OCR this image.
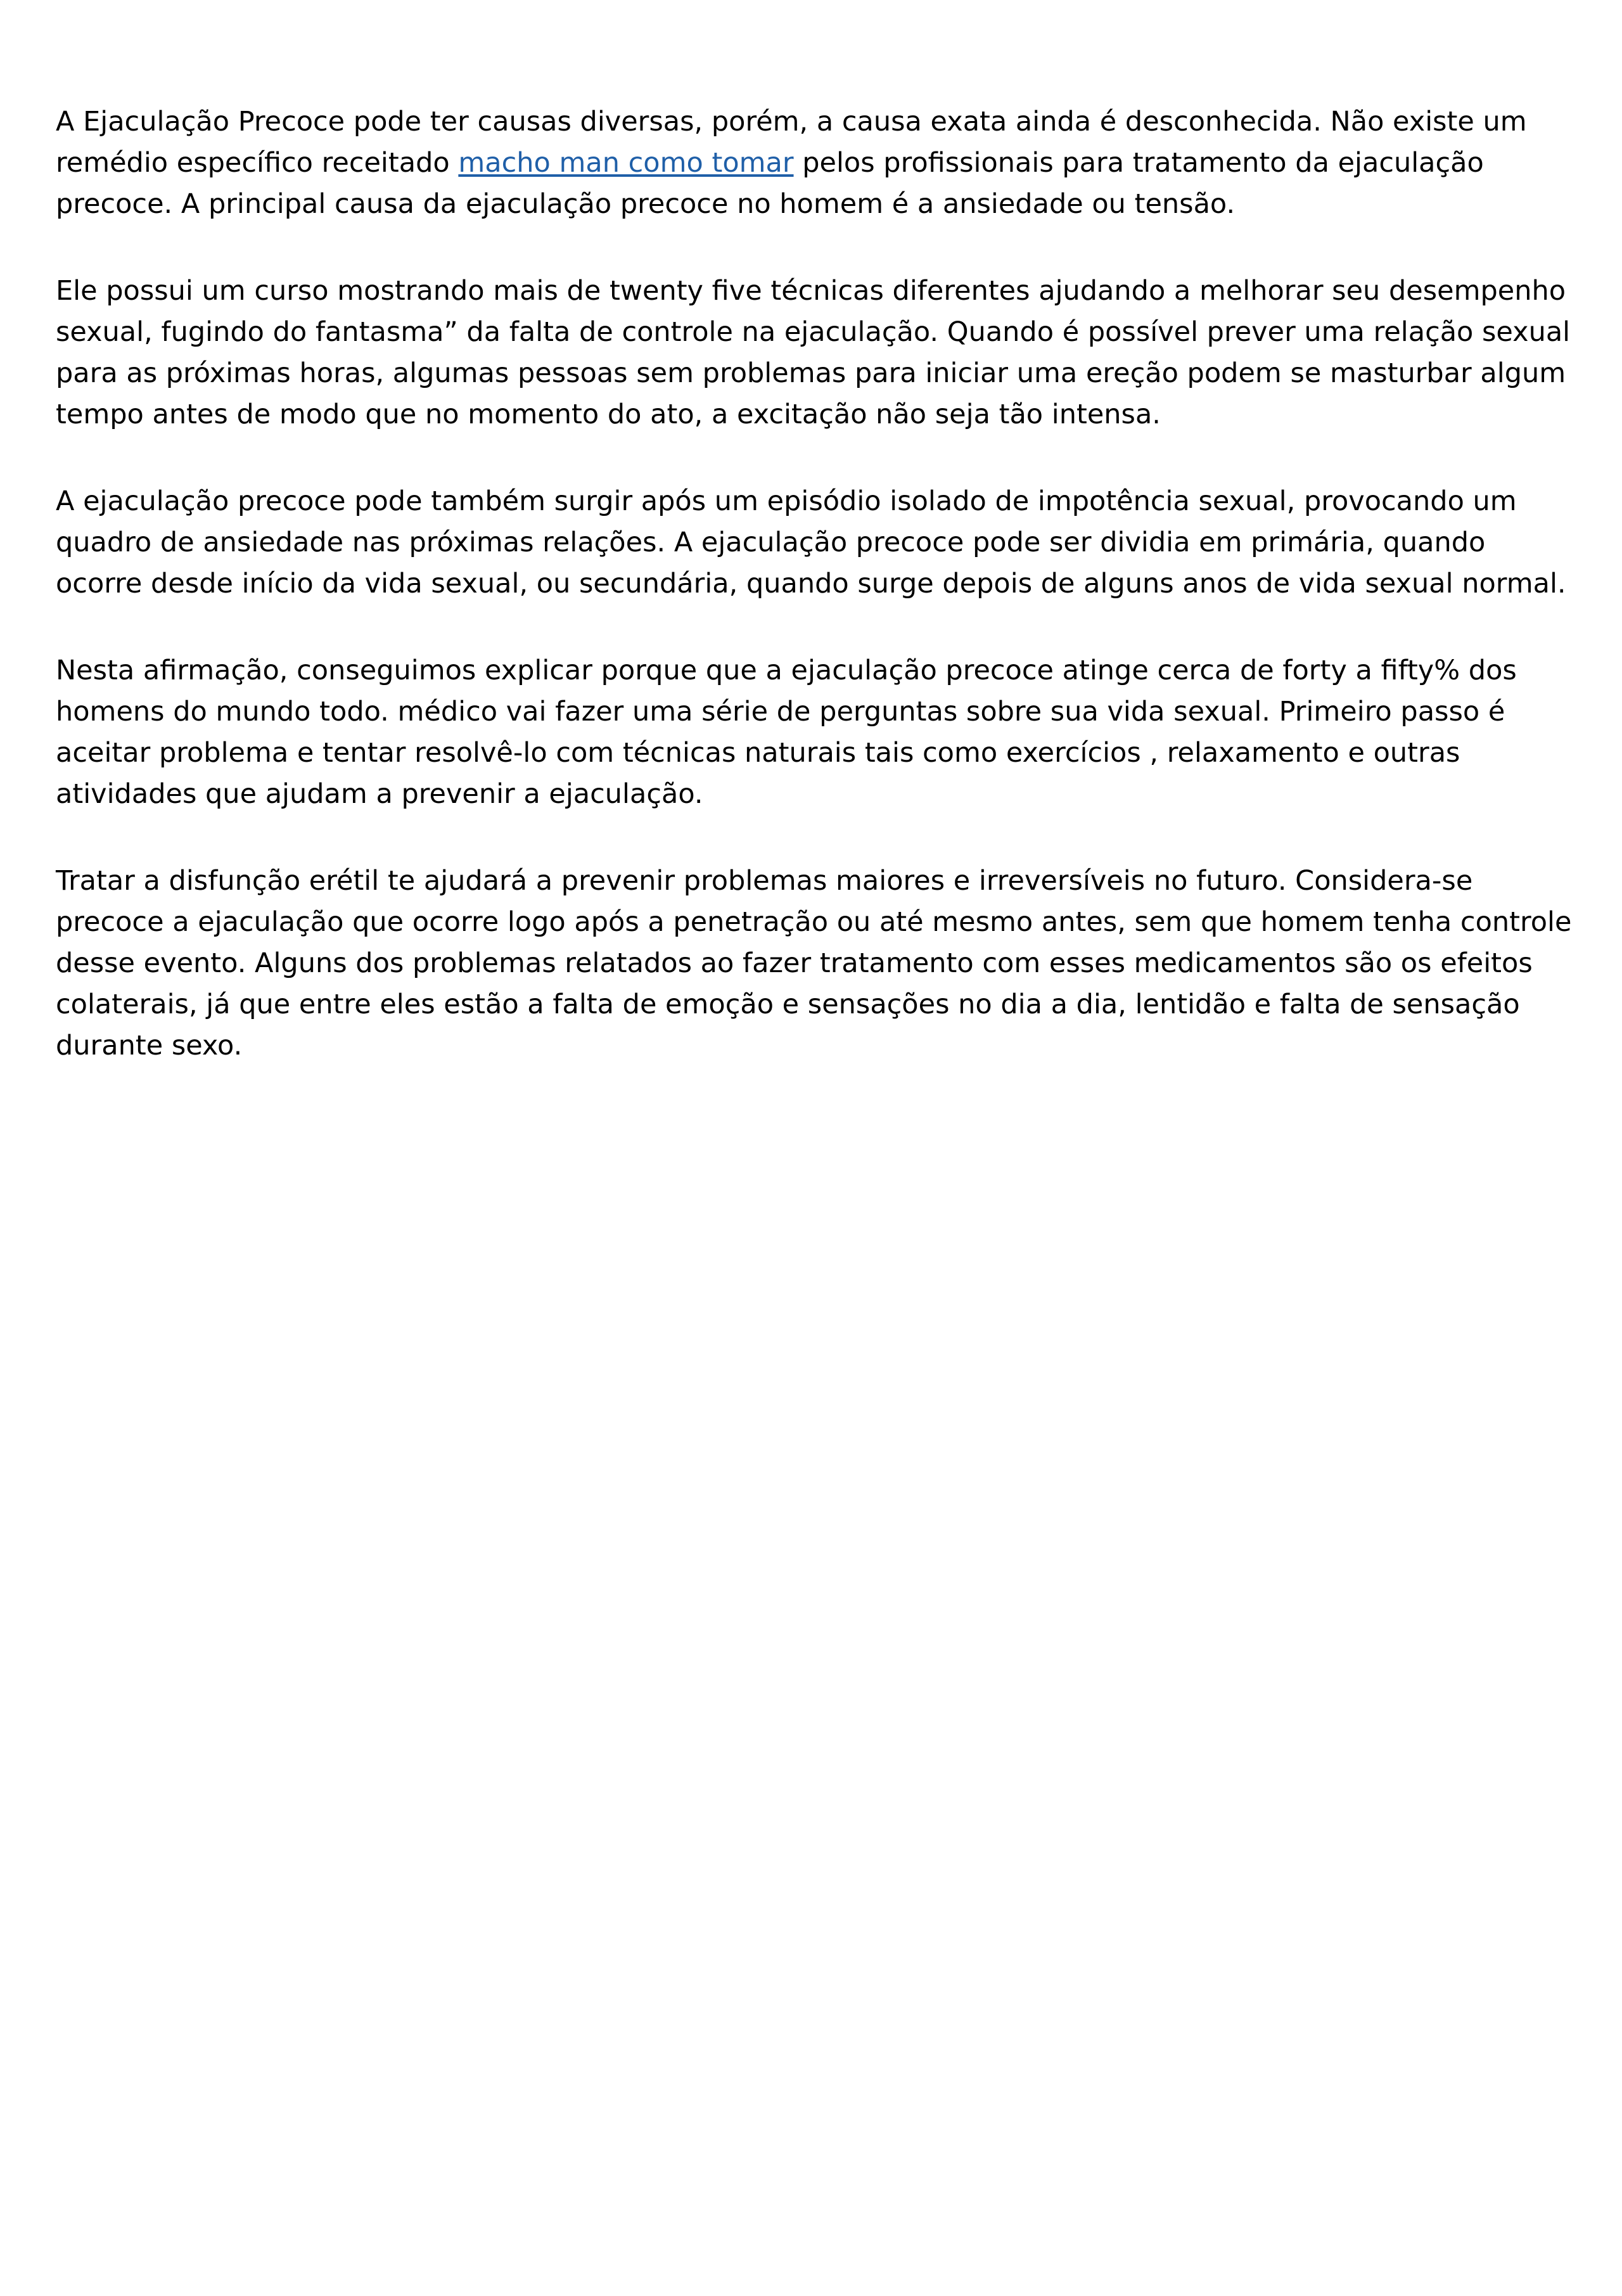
A Ejaculação Precoce pode ter causas diversas, porém, a causa exata ainda é desconhecida. Não existe um remédio específico receitado macho man como tomar pelos profissionais para tratamento da ejaculação precoce. A principal causa da ejaculação precoce no homem é a ansiedade ou tensão.

Ele possui um curso mostrando mais de twenty five técnicas diferentes ajudando a melhorar seu desempenho sexual, fugindo do fantasma” da falta de controle na ejaculação. Quando é possível prever uma relação sexual para as próximas horas, algumas pessoas sem problemas para iniciar uma ereção podem se masturbar algum tempo antes de modo que no momento do ato, a excitação não seja tão intensa.

A ejaculação precoce pode também surgir após um episódio isolado de impotência sexual, provocando um quadro de ansiedade nas próximas relações. A ejaculação precoce pode ser dividia em primária, quando ocorre desde início da vida sexual, ou secundária, quando surge depois de alguns anos de vida sexual normal.

Nesta afirmação, conseguimos explicar porque que a ejaculação precoce atinge cerca de forty a fifty% dos homens do mundo todo. médico vai fazer uma série de perguntas sobre sua vida sexual. Primeiro passo é aceitar problema e tentar resolvê-lo com técnicas naturais tais como exercícios , relaxamento e outras atividades que ajudam a prevenir a ejaculação.

Tratar a disfunção erétil te ajudará a prevenir problemas maiores e irreversíveis no futuro. Considera-se precoce a ejaculação que ocorre logo após a penetração ou até mesmo antes, sem que homem tenha controle desse evento. Alguns dos problemas relatados ao fazer tratamento com esses medicamentos são os efeitos colaterais, já que entre eles estão a falta de emoção e sensações no dia a dia, lentidão e falta de sensação durante sexo.
